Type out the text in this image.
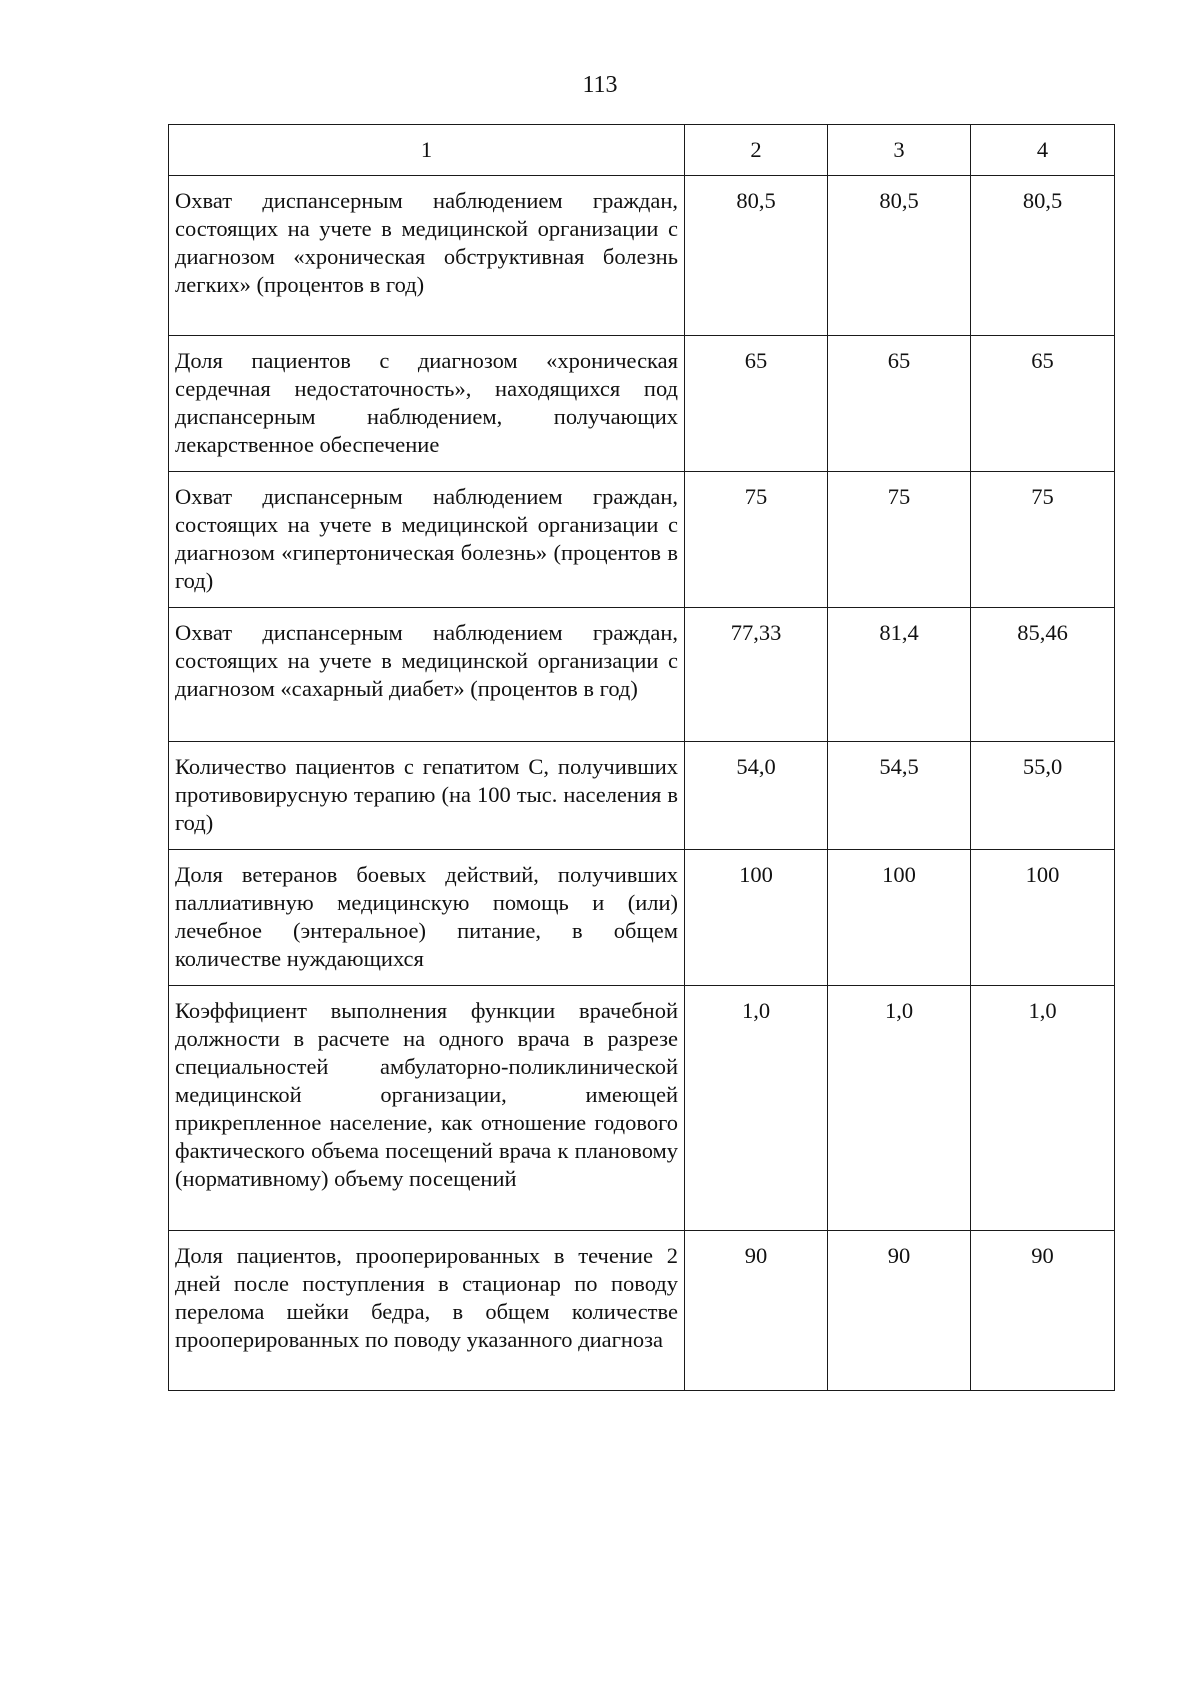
113
1	2	3	4
Охват диспансерным наблюдением граждан, состоящих на учете в медицинской организации с диагнозом «хроническая обструктивная болезнь легких» (процентов в год)	80,5	80,5	80,5
Доля пациентов с диагнозом «хроническая сердечная недостаточность», находящихся под диспансерным наблюдением, получающих лекарственное обеспечение	65	65	65
Охват диспансерным наблюдением граждан, состоящих на учете в медицинской организации с диагнозом «гипертоническая болезнь» (процентов в год)	75	75	75
Охват диспансерным наблюдением граждан, состоящих на учете в медицинской организации с диагнозом «сахарный диабет» (процентов в год)	77,33	81,4	85,46
Количество пациентов с гепатитом С, получивших противовирусную терапию (на 100 тыс. населения в год)	54,0	54,5	55,0
Доля ветеранов боевых действий, получивших паллиативную медицинскую помощь и (или) лечебное (энтеральное) питание, в общем количестве нуждающихся	100	100	100
Коэффициент выполнения функции врачебной должности в расчете на одного врача в разрезе специальностей амбулаторно-поликлинической медицинской организации, имеющей прикрепленное население, как отношение годового фактического объема посещений врача к плановому (нормативному) объему посещений	1,0	1,0	1,0
Доля пациентов, прооперированных в течение 2 дней после поступления в стационар по поводу перелома шейки бедра, в общем количестве прооперированных по поводу указанного диагноза	90	90	90
